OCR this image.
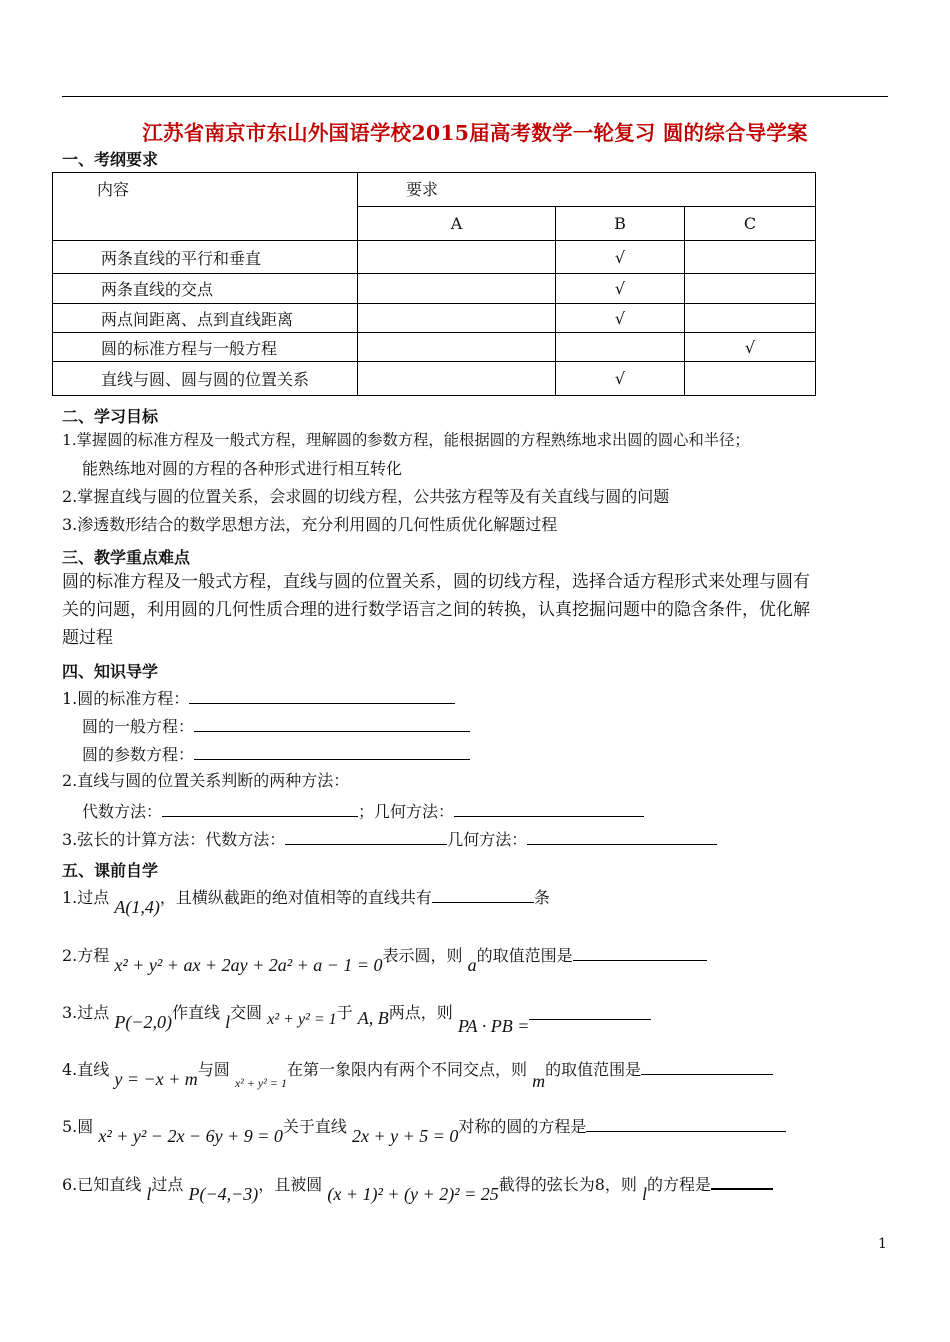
江苏省南京市东山外国语学校2015届高考数学一轮复习 圆的综合导学案
一、考纲要求
内容	要求		
	A	B	C
两条直线的平行和垂直		√	
两条直线的交点		√	
两点间距离、点到直线距离		√	
圆的标准方程与一般方程			√
直线与圆、圆与圆的位置关系		√	
二、学习目标
1.掌握圆的标准方程及一般式方程，理解圆的参数方程，能根据圆的方程熟练地求出圆的圆心和半径；
能熟练地对圆的方程的各种形式进行相互转化
2.掌握直线与圆的位置关系，会求圆的切线方程，公共弦方程等及有关直线与圆的问题
3.渗透数形结合的数学思想方法，充分利用圆的几何性质优化解题过程
三、教学重点难点
圆的标准方程及一般式方程，直线与圆的位置关系，圆的切线方程，选择合适方程形式来处理与圆有
关的问题，利用圆的几何性质合理的进行数学语言之间的转换，认真挖掘问题中的隐含条件，优化解
题过程
四、知识导学
1.圆的标准方程：
圆的一般方程：
圆的参数方程：
2.直线与圆的位置关系判断的两种方法：
代数方法：	；几何方法：
3.弦长的计算方法：代数方法：	几何方法：
五、课前自学
1.过点 A(1,4)，且横纵截距的绝对值相等的直线共有	条
2.方程 x² + y² + ax + 2ay + 2a² + a − 1 = 0表示圆，则 a的取值范围是
3.过点 P(−2,0)作直线 l交圆 x² + y² = 1于 A, B两点，则 PA · PB =
4.直线 y = −x + m与圆 $_{x^2 + y^2 = 1}$在第一象限内有两个不同交点，则 m的取值范围是
5.圆 x² + y² − 2x − 6y + 9 = 0关于直线 2x + y + 5 = 0对称的圆的方程是
6.已知直线 l过点 P(−4,−3)，且被圆 (x + 1)² + (y + 2)² = 25截得的弦长为8，则 l的方程是
1
